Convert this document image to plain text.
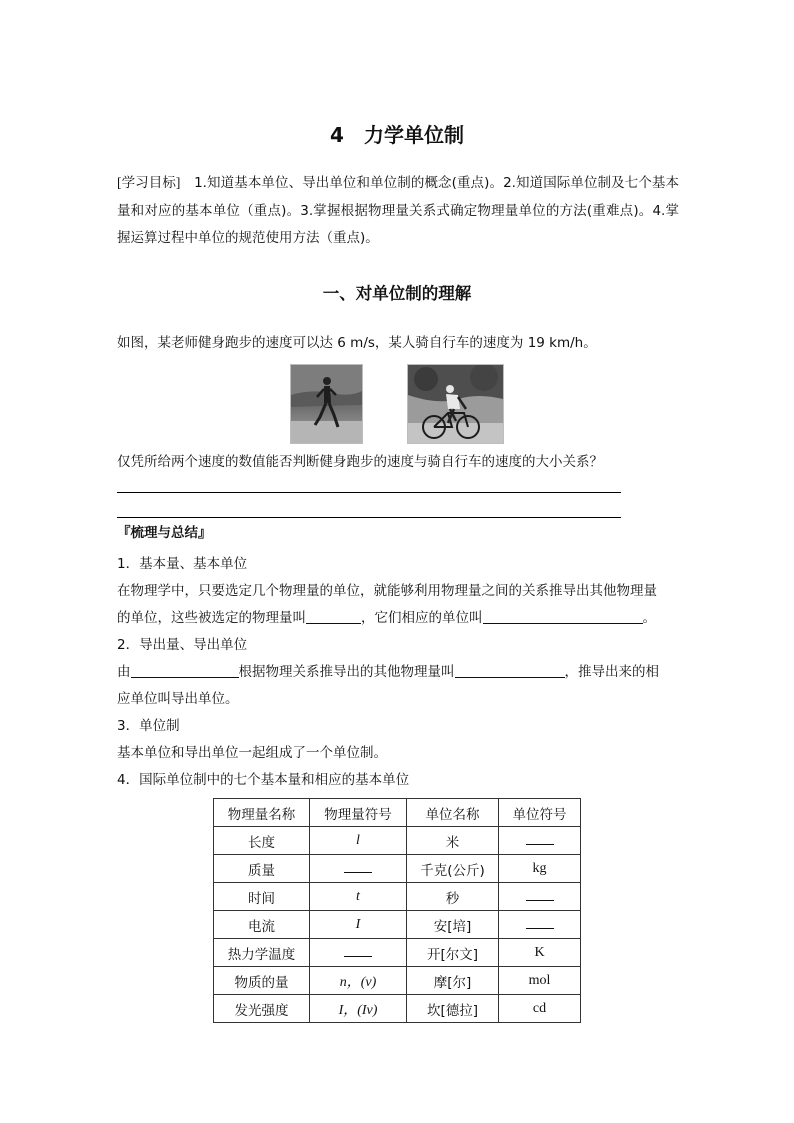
4　力学单位制
[学习目标]　1.知道基本单位、导出单位和单位制的概念(重点)。2.知道国际单位制及七个基本量和对应的基本单位（重点)。3.掌握根据物理量关系式确定物理量单位的方法(重难点)。4.掌握运算过程中单位的规范使用方法（重点)。
一、对单位制的理解
如图，某老师健身跑步的速度可以达 6 m/s，某人骑自行车的速度为 19 km/h。
仅凭所给两个速度的数值能否判断健身跑步的速度与骑自行车的速度的大小关系？
『梳理与总结』
1．基本量、基本单位
在物理学中，只要选定几个物理量的单位，就能够利用物理量之间的关系推导出其他物理量
的单位，这些被选定的物理量叫	，它们相应的单位叫	。
2．导出量、导出单位
由	根据物理关系推导出的其他物理量叫	，推导出来的相
应单位叫导出单位。
3．单位制
基本单位和导出单位一起组成了一个单位制。
4．国际单位制中的七个基本量和相应的基本单位
物理量名称	物理量符号	单位名称	单位符号
长度	l	米	
质量		千克(公斤)	kg
时间	t	秒	
电流	I	安[培]	
热力学温度		开[尔文]	K
物质的量	n，(ν)	摩[尔]	mol
发光强度	I，(Iv)	坎[德拉]	cd
